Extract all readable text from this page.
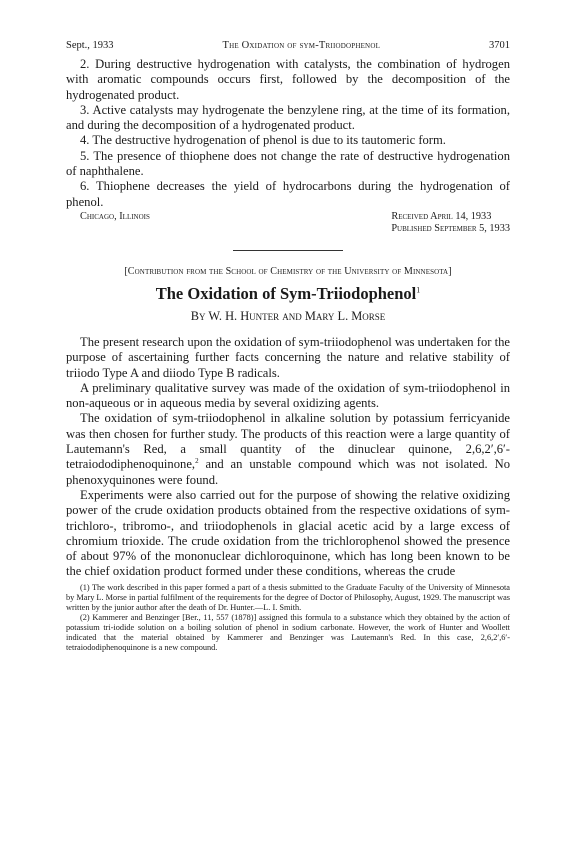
Sept., 1933	The Oxidation of sym-Triiodophenol	3701

2. During destructive hydrogenation with catalysts, the combination of hydrogen with aromatic compounds occurs first, followed by the decomposition of the hydrogenated product.

3. Active catalysts may hydrogenate the benzylene ring, at the time of its formation, and during the decomposition of a hydrogenated product.

4. The destructive hydrogenation of phenol is due to its tautomeric form.

5. The presence of thiophene does not change the rate of destructive hydrogenation of naphthalene.

6. Thiophene decreases the yield of hydrocarbons during the hydrogenation of phenol.

Chicago, Illinois	Received April 14, 1933
Published September 5, 1933
[Contribution from the School of Chemistry of the University of Minnesota]
The Oxidation of Sym-Triiodophenol$^1$
By W. H. Hunter and Mary L. Morse

The present research upon the oxidation of sym-triiodophenol was undertaken for the purpose of ascertaining further facts concerning the nature and relative stability of triiodo Type A and diiodo Type B radicals.

A preliminary qualitative survey was made of the oxidation of sym-triiodophenol in non-aqueous or in aqueous media by several oxidizing agents.

The oxidation of sym-triiodophenol in alkaline solution by potassium ferricyanide was then chosen for further study. The products of this reaction were a large quantity of Lautemann's Red, a small quantity of the dinuclear quinone, 2,6,2′,6′-tetraiododiphenoquinone,$^2$ and an unstable compound which was not isolated. No phenoxyquinones were found.

Experiments were also carried out for the purpose of showing the relative oxidizing power of the crude oxidation products obtained from the respective oxidations of sym-trichloro-, tribromo-, and triiodophenols in glacial acetic acid by a large excess of chromium trioxide. The crude oxidation from the trichlorophenol showed the presence of about 97% of the mononuclear dichloroquinone, which has long been known to be the chief oxidation product formed under these conditions, whereas the crude

(1) The work described in this paper formed a part of a thesis submitted to the Graduate Faculty of the University of Minnesota by Mary L. Morse in partial fulfilment of the requirements for the degree of Doctor of Philosophy, August, 1929. The manuscript was written by the junior author after the death of Dr. Hunter.—L. I. Smith.

(2) Kammerer and Benzinger [Ber., 11, 557 (1878)] assigned this formula to a substance which they obtained by the action of potassium tri-iodide solution on a boiling solution of phenol in sodium carbonate. However, the work of Hunter and Woollett indicated that the material obtained by Kammerer and Benzinger was Lautemann's Red. In this case, 2,6,2′,6′-tetraiododiphenoquinone is a new compound.
